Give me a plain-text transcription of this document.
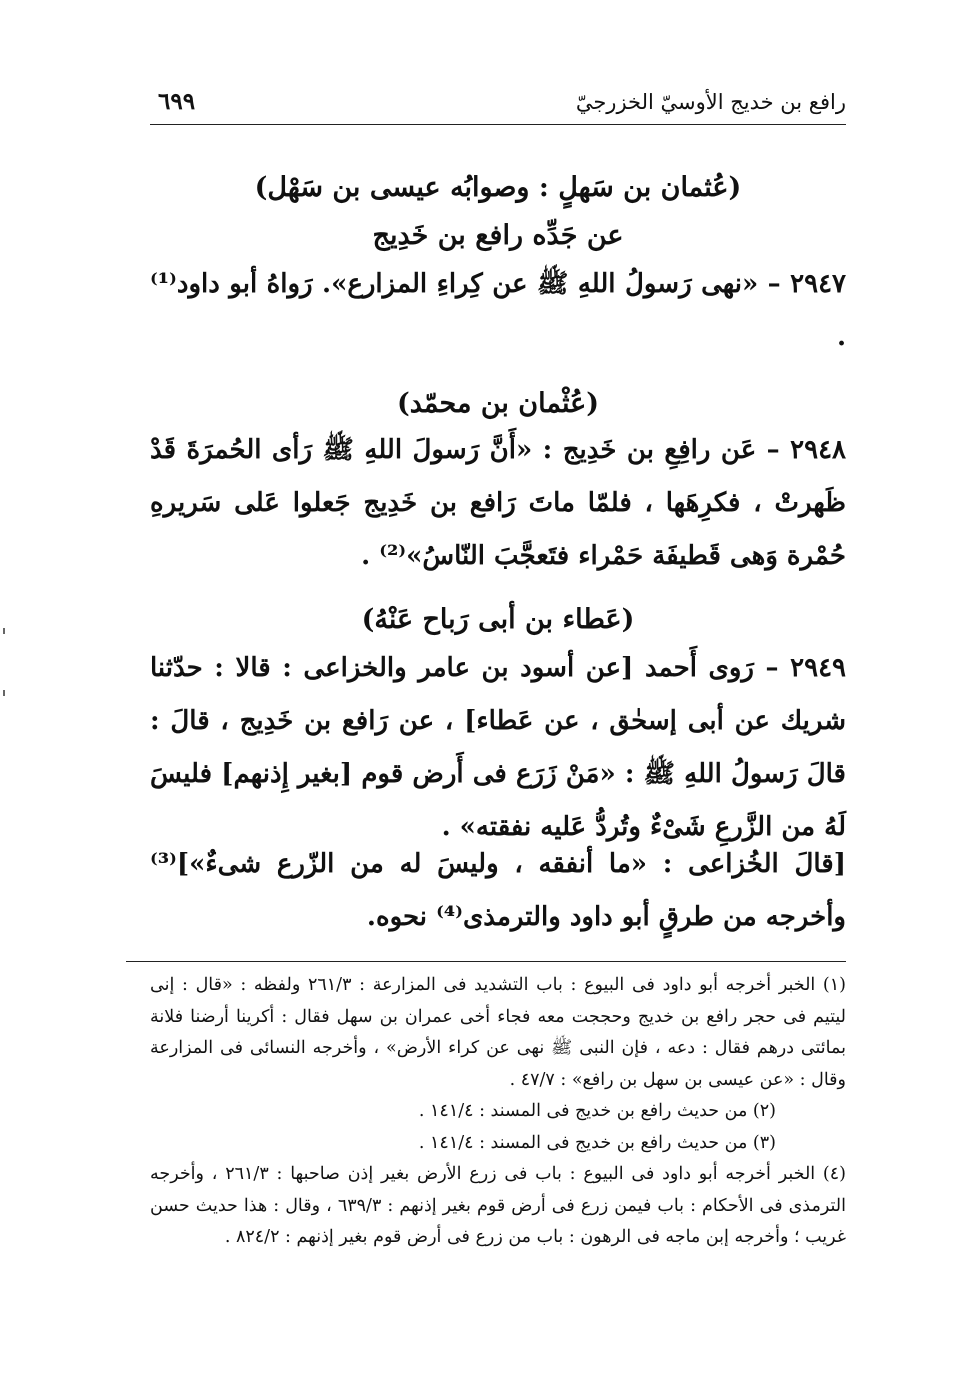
رافع بن خديج الأوسيّ الخزرجيّ
٦٩٩
(عُثمان بن سَهلٍ : وصوابُه عيسى بن سَهْل)
عن جَدِّه رافع بن خَدِيج
٢٩٤٧ – «نهى رَسولُ اللهِ ﷺ عن كِراءِ المزارع». رَواهُ أبو داود⁽¹⁾ .
(عُثْمان بن محمّد)
٢٩٤٨ – عَن رافِعِ بن خَدِيج : «أَنَّ رَسولَ اللهِ ﷺ رَأى الحُمرَةَ قَدْ ظَهرتْ ، فكرِهَها ، فلمّا ماتَ رَافع بن خَدِيج جَعلوا عَلى سَريرهِ حُمْرة وَهى قَطيفَة حَمْراء فتَعجَّبَ النّاسُ»⁽²⁾ .
(عَطاء بن أبى رَباح عَنْهُ)
٢٩٤٩ – رَوى أَحمد [عن أسود بن عامر والخزاعى : قالا : حدّثنا شريك عن أبى إسحٰق ، عن عَطاء] ، عن رَافع بن خَدِيج ، قالَ : قالَ رَسولُ اللهِ ﷺ : «مَنْ زَرَع فى أَرض قوم [بغير إِذنهم] فليسَ لَهُ من الزَّرعِ شَىْءٌ وتُردُّ عَليه نفقته» .
[قالَ الخُزاعى : «ما أنفقه ، وليسَ له من الزّرع شىءٌ»]⁽³⁾ وأخرجه من طرقٍ أبو داود والترمذى⁽⁴⁾ نحوه.

(١) الخبر أخرجه أبو داود فى البيوع : باب التشديد فى المزارعة : ٢٦١/٣ ولفظه : «قال : إنى ليتيم فى حجر رافع بن خديج وحججت معه فجاء أخى عمران بن سهل فقال : أكرينا أرضنا فلانة بمائتى درهم فقال : دعه ، فإن النبى ﷺ نهى عن كراء الأرض» ، وأخرجه النسائى فى المزارعة وقال : «عن عيسى بن سهل بن رافع» : ٤٧/٧ .

(٢) من حديث رافع بن خديج فى المسند : ١٤١/٤ .

(٣) من حديث رافع بن خديج فى المسند : ١٤١/٤ .

(٤) الخبر أخرجه أبو داود فى البيوع : باب فى زرع الأرض بغير إذن صاحبها : ٢٦١/٣ ، وأخرجه الترمذى فى الأحكام : باب فيمن زرع فى أرض قوم بغير إذنهم : ٦٣٩/٣ ، وقال : هذا حديث حسن غريب ؛ وأخرجه إبن ماجه فى الرهون : باب من زرع فى أرض قوم بغير إذنهم : ٨٢٤/٢ .
